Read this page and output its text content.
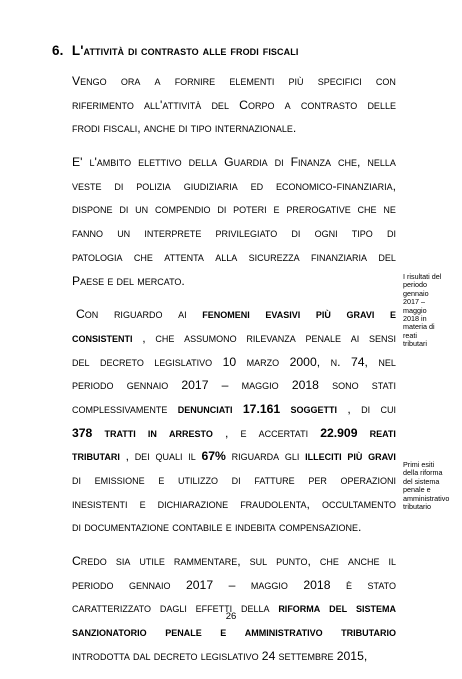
6. L'attività di contrasto alle frodi fiscali
Vengo ora a fornire elementi più specifici con
riferimento all'attività del Corpo a contrasto delle
frodi fiscali, anche di tipo internazionale.
E' l'ambito elettivo della Guardia di Finanza che, nella
veste di polizia giudiziaria ed economico-finanziaria,
dispone di un compendio di poteri e prerogative che ne
fanno un interprete privilegiato di ogni tipo di
patologia che attenta alla sicurezza finanziaria del
Paese e del mercato.
Con riguardo ai fenomeni evasivi più gravi e
consistenti , che assumono rilevanza penale ai sensi
del decreto legislativo 10 marzo 2000, n. 74, nel
periodo gennaio 2017 – maggio 2018 sono stati
complessivamente denunciati 17.161 soggetti , di cui
378 tratti in arresto , e accertati 22.909 reati
tributari , dei quali il 67% riguarda gli illeciti più gravi
di emissione e utilizzo di fatture per operazioni
inesistenti e dichiarazione fraudolenta, occultamento
di documentazione contabile e indebita compensazione.
Credo sia utile rammentare, sul punto, che anche il
periodo gennaio 2017 – maggio 2018 è stato
caratterizzato dagli effetti della riforma del sistema
sanzionatorio penale e amministrativo tributario
introdotta dal decreto legislativo 24 settembre 2015,
I risultati del
periodo
gennaio
2017 –
maggio
2018 in
materia di
reati
tributari
Primi esiti
della riforma
del sistema
penale e
amministrativo
tributario
26
